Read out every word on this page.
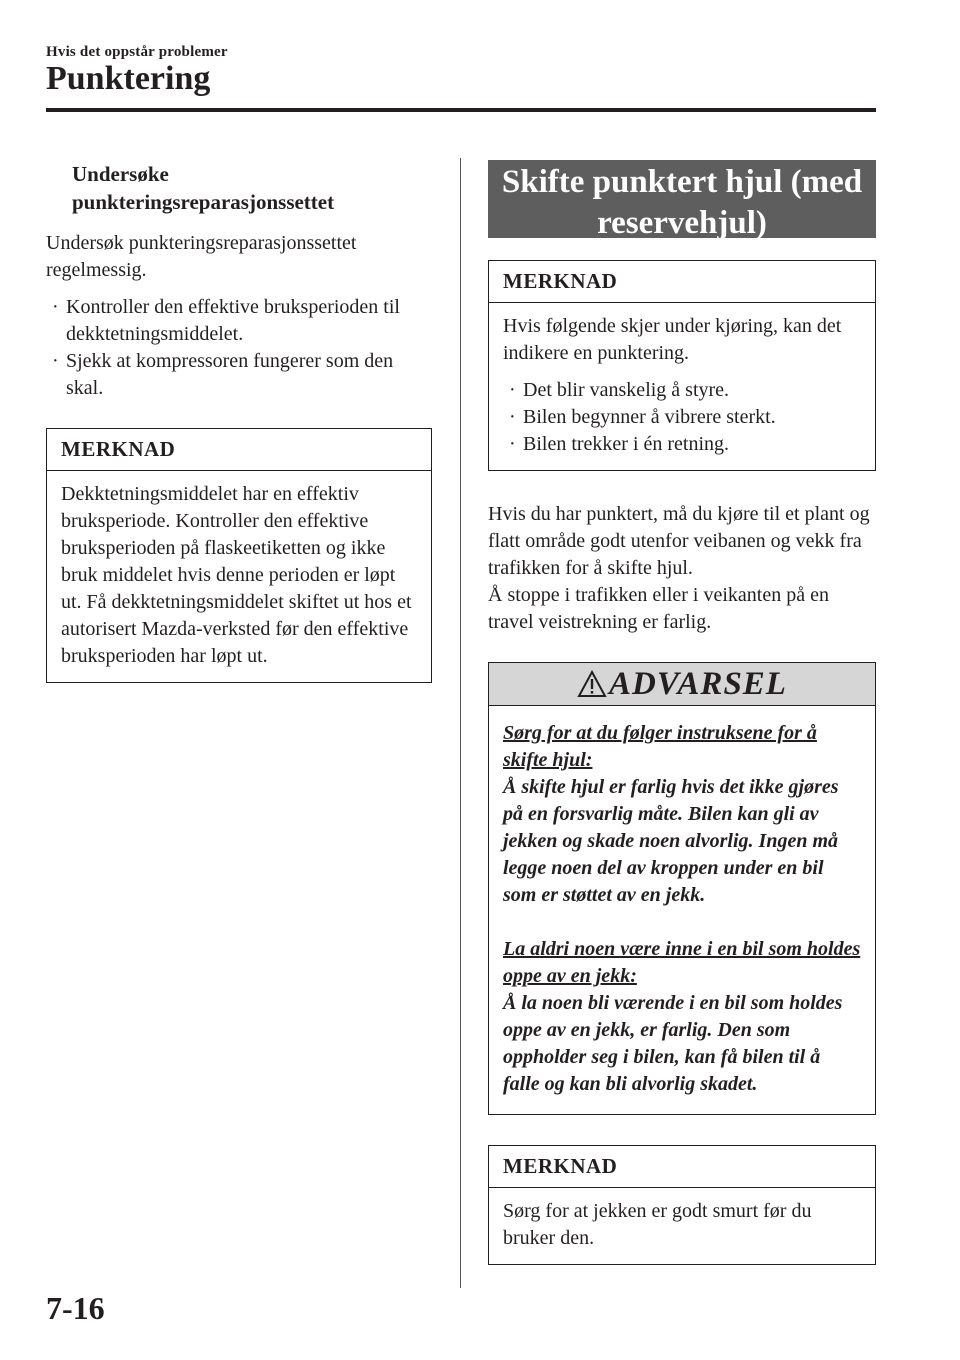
Hvis det oppstår problemer
Punktering
Undersøke
punkteringsreparasjonssettet

Undersøk punkteringsreparasjonssettet regelmessig.

· Kontroller den effektive bruksperioden til dekktetningsmiddelet.
· Sjekk at kompressoren fungerer som den skal.
MERKNAD
Dekktetningsmiddelet har en effektiv bruksperiode. Kontroller den effektive bruksperioden på flaskeetiketten og ikke bruk middelet hvis denne perioden er løpt ut. Få dekktetningsmiddelet skiftet ut hos et autorisert Mazda-verksted før den effektive bruksperioden har løpt ut.
Skifte punktert hjul (med
reservehjul)
MERKNAD
Hvis følgende skjer under kjøring, kan det indikere en punktering.
· Det blir vanskelig å styre.
· Bilen begynner å vibrere sterkt.
· Bilen trekker i én retning.

Hvis du har punktert, må du kjøre til et plant og flatt område godt utenfor veibanen og vekk fra trafikken for å skifte hjul.

Å stoppe i trafikken eller i veikanten på en travel veistrekning er farlig.

ADVARSEL
Sørg for at du følger instruksene for å skifte hjul:
Å skifte hjul er farlig hvis det ikke gjøres på en forsvarlig måte. Bilen kan gli av jekken og skade noen alvorlig. Ingen må legge noen del av kroppen under en bil som er støttet av en jekk.
La aldri noen være inne i en bil som holdes oppe av en jekk:
Å la noen bli værende i en bil som holdes oppe av en jekk, er farlig. Den som oppholder seg i bilen, kan få bilen til å falle og kan bli alvorlig skadet.
MERKNAD
Sørg for at jekken er godt smurt før du bruker den.
7-16
